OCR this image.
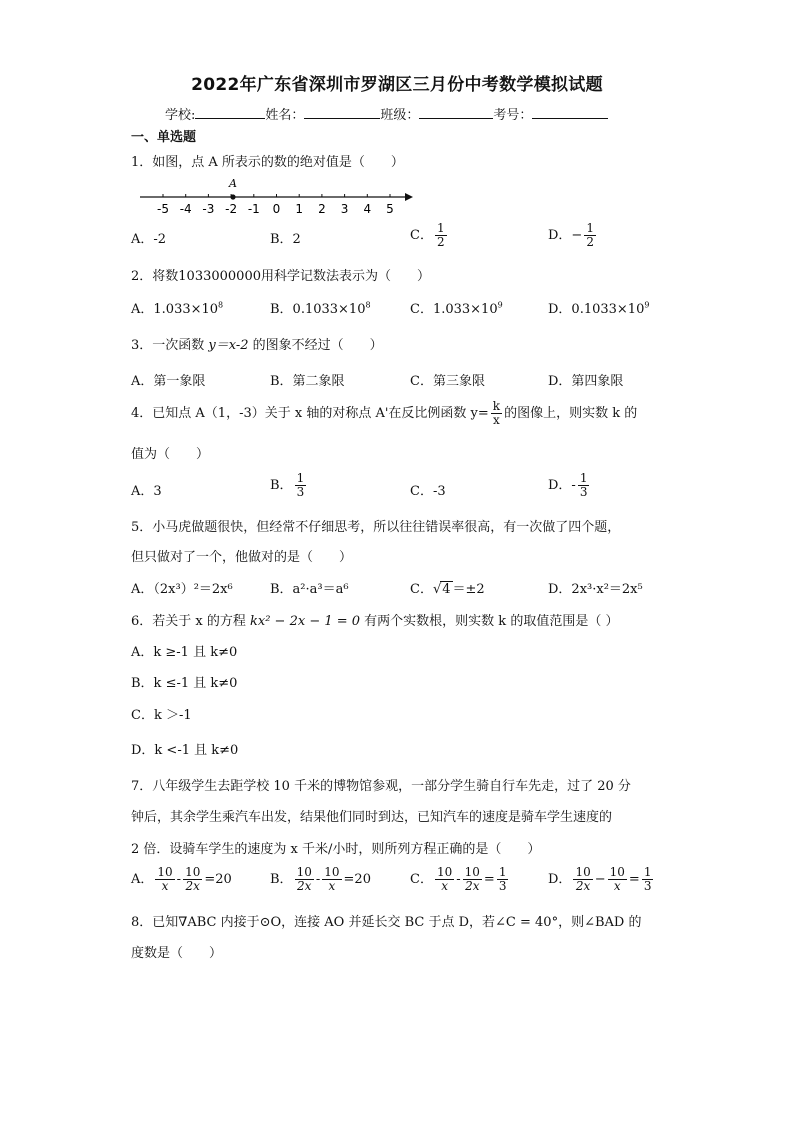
2022年广东省深圳市罗湖区三月份中考数学模拟试题
学校:	姓名：	班级：	考号：
一、单选题
1．如图，点 A 所表示的数的绝对值是（　　）
-5 -4 -3 -2 -1 0 1 2 3 4 5
A
A．-2	B．2	C． $\frac{1}{2}$	D．− $\frac{1}{2}$
2．将数1033000000用科学记数法表示为（　　）
A．$1.033\times 10^8$	B．$0.1033\times 10^8$	C．$1.033\times 10^9$	D．$0.1033\times 10^9$
3．一次函数 y＝x-2 的图象不经过（　　）
A．第一象限	B．第二象限	C．第三象限	D．第四象限
4．已知点 A（1，-3）关于 x 轴的对称点 A'在反比例函数 $y= \frac{k}{x}$ 的图像上，则实数 k 的
值为（　　）
A．3	B． $\frac{1}{3}$	C．-3	D．- $\frac{1}{3}$
5．小马虎做题很快，但经常不仔细思考，所以往往错误率很高，有一次做了四个题，
但只做对了一个，他做对的是（　　）
A．（2x³）²＝2x⁶	B．a²·a³＝a⁶	C．√4 ＝±2	D．2x³·x²＝2x⁵
6．若关于 x 的方程 kx² − 2x − 1 = 0 有两个实数根，则实数 k 的取值范围是（ ）
A．k ≥-1 且 k≠0
B．k ≤-1 且 k≠0
C．k ＞-1
D．k <-1 且 k≠0
7．八年级学生去距学校 10 千米的博物馆参观，一部分学生骑自行车先走，过了 20 分
钟后，其余学生乘汽车出发，结果他们同时到达，已知汽车的速度是骑车学生速度的
2 倍．设骑车学生的速度为 x 千米/小时，则所列方程正确的是（　　）
A． $\frac{10}{x} - \frac{10}{2x} =20$	B． $\frac{10}{2x} - \frac{10}{x} =20$	C． $\frac{10}{x} - \frac{10}{2x} = \frac{1}{3}$	D． $\frac{10}{2x} - \frac{10}{x} = \frac{1}{3}$
8．已知∇ABC 内接于⊙O，连接 AO 并延长交 BC 于点 D，若∠C = 40°，则∠BAD 的
度数是（　　）
